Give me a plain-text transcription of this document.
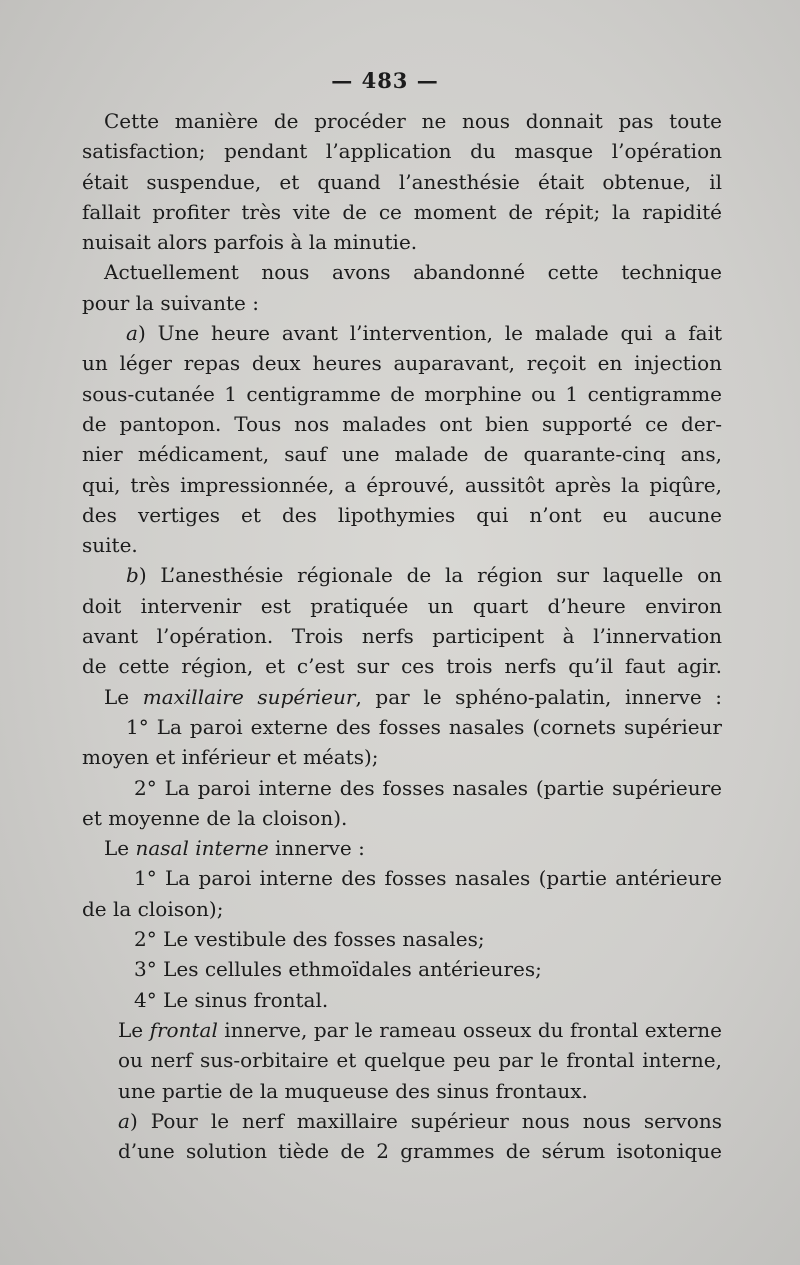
— 483 —
Cette manière de procéder ne nous donnait pas toute
satisfaction; pendant l’application du masque l’opération
était suspendue, et quand l’anesthésie était obtenue, il
fallait profiter très vite de ce moment de répit; la rapidité
nuisait alors parfois à la minutie.
Actuellement nous avons abandonné cette technique
pour la suivante :
a) Une heure avant l’intervention, le malade qui a fait
un léger repas deux heures auparavant, reçoit en injection
sous-cutanée 1 centigramme de morphine ou 1 centigramme
de pantopon. Tous nos malades ont bien supporté ce der-
nier médicament, sauf une malade de quarante-cinq ans,
qui, très impressionnée, a éprouvé, aussitôt après la piqûre,
des vertiges et des lipothymies qui n’ont eu aucune
suite.
b) L’anesthésie régionale de la région sur laquelle on
doit intervenir est pratiquée un quart d’heure environ
avant l’opération. Trois nerfs participent à l’innervation
de cette région, et c’est sur ces trois nerfs qu’il faut agir.
Le maxillaire supérieur, par le sphéno-palatin, innerve :
1° La paroi externe des fosses nasales (cornets supérieur
moyen et inférieur et méats);
2° La paroi interne des fosses nasales (partie supérieure
et moyenne de la cloison).
Le nasal interne innerve :
1° La paroi interne des fosses nasales (partie antérieure
de la cloison);
2° Le vestibule des fosses nasales;
3° Les cellules ethmoïdales antérieures;
4° Le sinus frontal.
Le frontal innerve, par le rameau osseux du frontal externe
ou nerf sus-orbitaire et quelque peu par le frontal interne,
une partie de la muqueuse des sinus frontaux.
a) Pour le nerf maxillaire supérieur nous nous servons
d’une solution tiède de 2 grammes de sérum isotonique
